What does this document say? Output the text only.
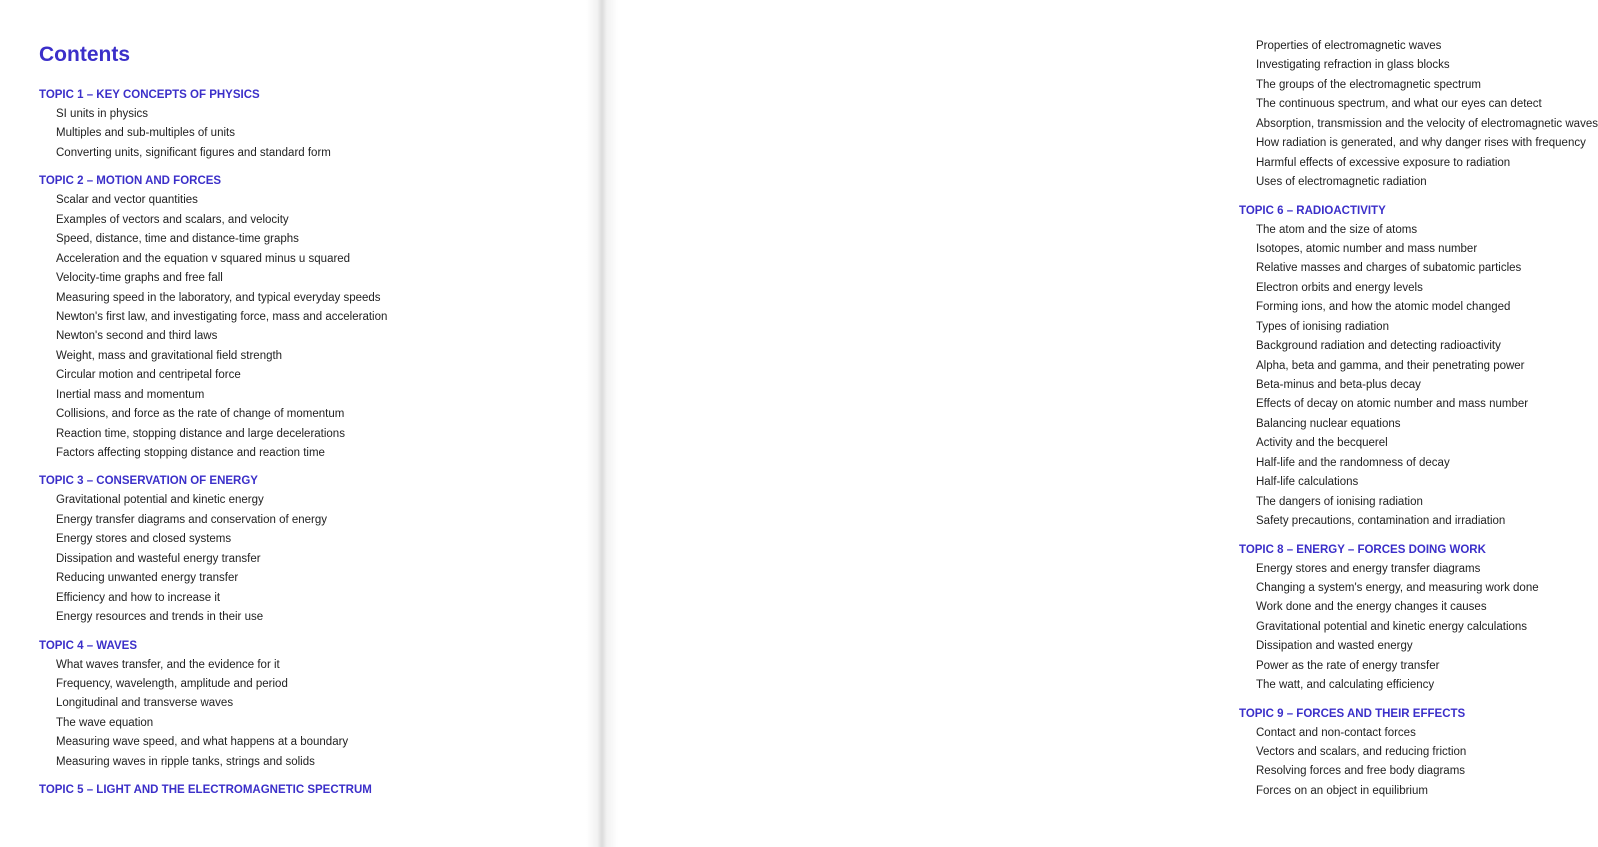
Contents
TOPIC 1 – KEY CONCEPTS OF PHYSICS
SI units in physics
Multiples and sub-multiples of units
Converting units, significant figures and standard form
TOPIC 2 – MOTION AND FORCES
Scalar and vector quantities
Examples of vectors and scalars, and velocity
Speed, distance, time and distance-time graphs
Acceleration and the equation v squared minus u squared
Velocity-time graphs and free fall
Measuring speed in the laboratory, and typical everyday speeds
Newton's first law, and investigating force, mass and acceleration
Newton's second and third laws
Weight, mass and gravitational field strength
Circular motion and centripetal force
Inertial mass and momentum
Collisions, and force as the rate of change of momentum
Reaction time, stopping distance and large decelerations
Factors affecting stopping distance and reaction time
TOPIC 3 – CONSERVATION OF ENERGY
Gravitational potential and kinetic energy
Energy transfer diagrams and conservation of energy
Energy stores and closed systems
Dissipation and wasteful energy transfer
Reducing unwanted energy transfer
Efficiency and how to increase it
Energy resources and trends in their use
TOPIC 4 – WAVES
What waves transfer, and the evidence for it
Frequency, wavelength, amplitude and period
Longitudinal and transverse waves
The wave equation
Measuring wave speed, and what happens at a boundary
Measuring waves in ripple tanks, strings and solids
TOPIC 5 – LIGHT AND THE ELECTROMAGNETIC SPECTRUM
Properties of electromagnetic waves
Investigating refraction in glass blocks
The groups of the electromagnetic spectrum
The continuous spectrum, and what our eyes can detect
Absorption, transmission and the velocity of electromagnetic waves
How radiation is generated, and why danger rises with frequency
Harmful effects of excessive exposure to radiation
Uses of electromagnetic radiation
TOPIC 6 – RADIOACTIVITY
The atom and the size of atoms
Isotopes, atomic number and mass number
Relative masses and charges of subatomic particles
Electron orbits and energy levels
Forming ions, and how the atomic model changed
Types of ionising radiation
Background radiation and detecting radioactivity
Alpha, beta and gamma, and their penetrating power
Beta-minus and beta-plus decay
Effects of decay on atomic number and mass number
Balancing nuclear equations
Activity and the becquerel
Half-life and the randomness of decay
Half-life calculations
The dangers of ionising radiation
Safety precautions, contamination and irradiation
TOPIC 8 – ENERGY – FORCES DOING WORK
Energy stores and energy transfer diagrams
Changing a system's energy, and measuring work done
Work done and the energy changes it causes
Gravitational potential and kinetic energy calculations
Dissipation and wasted energy
Power as the rate of energy transfer
The watt, and calculating efficiency
TOPIC 9 – FORCES AND THEIR EFFECTS
Contact and non-contact forces
Vectors and scalars, and reducing friction
Resolving forces and free body diagrams
Forces on an object in equilibrium
